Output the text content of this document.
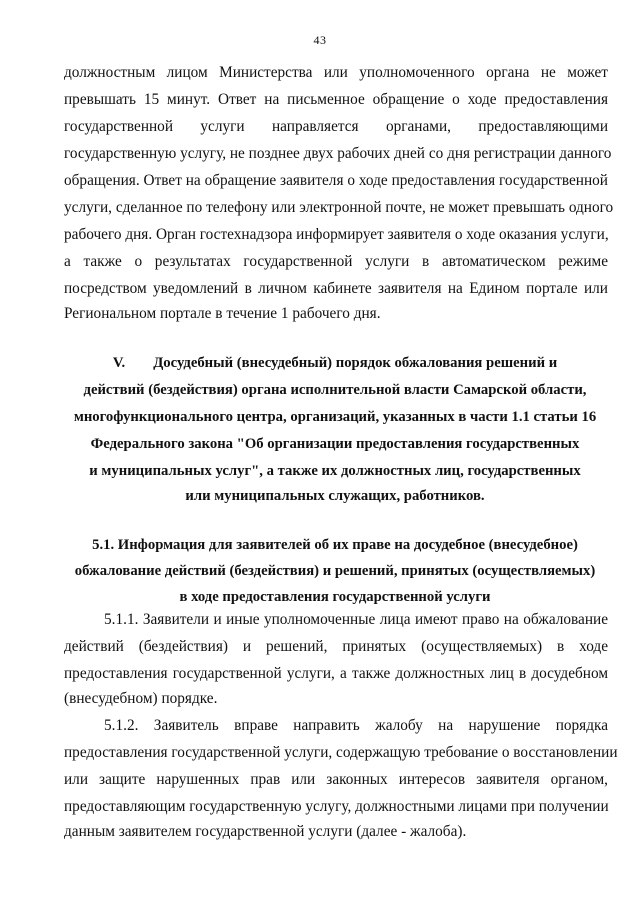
43
должностным лицом Министерства или уполномоченного органа не может
превышать 15 минут. Ответ на письменное обращение о ходе предоставления
государственной услуги направляется органами, предоставляющими
государственную услугу, не позднее двух рабочих дней со дня регистрации данного
обращения. Ответ на обращение заявителя о ходе предоставления государственной
услуги, сделанное по телефону или электронной почте, не может превышать одного
рабочего дня. Орган гостехнадзора информирует заявителя о ходе оказания услуги,
а также о результатах государственной услуги в автоматическом режиме
посредством уведомлений в личном кабинете заявителя на Едином портале или
Региональном портале в течение 1 рабочего дня.
V. Досудебный (внесудебный) порядок обжалования решений и
действий (бездействия) органа исполнительной власти Самарской области,
многофункционального центра, организаций, указанных в части 1.1 статьи 16
Федерального закона "Об организации предоставления государственных
и муниципальных услуг", а также их должностных лиц, государственных
или муниципальных служащих, работников.
5.1. Информация для заявителей об их праве на досудебное (внесудебное)
обжалование действий (бездействия) и решений, принятых (осуществляемых)
в ходе предоставления государственной услуги
5.1.1. Заявители и иные уполномоченные лица имеют право на обжалование
действий (бездействия) и решений, принятых (осуществляемых) в ходе
предоставления государственной услуги, а также должностных лиц в досудебном
(внесудебном) порядке.
5.1.2. Заявитель вправе направить жалобу на нарушение порядка
предоставления государственной услуги, содержащую требование о восстановлении
или защите нарушенных прав или законных интересов заявителя органом,
предоставляющим государственную услугу, должностными лицами при получении
данным заявителем государственной услуги (далее - жалоба).
